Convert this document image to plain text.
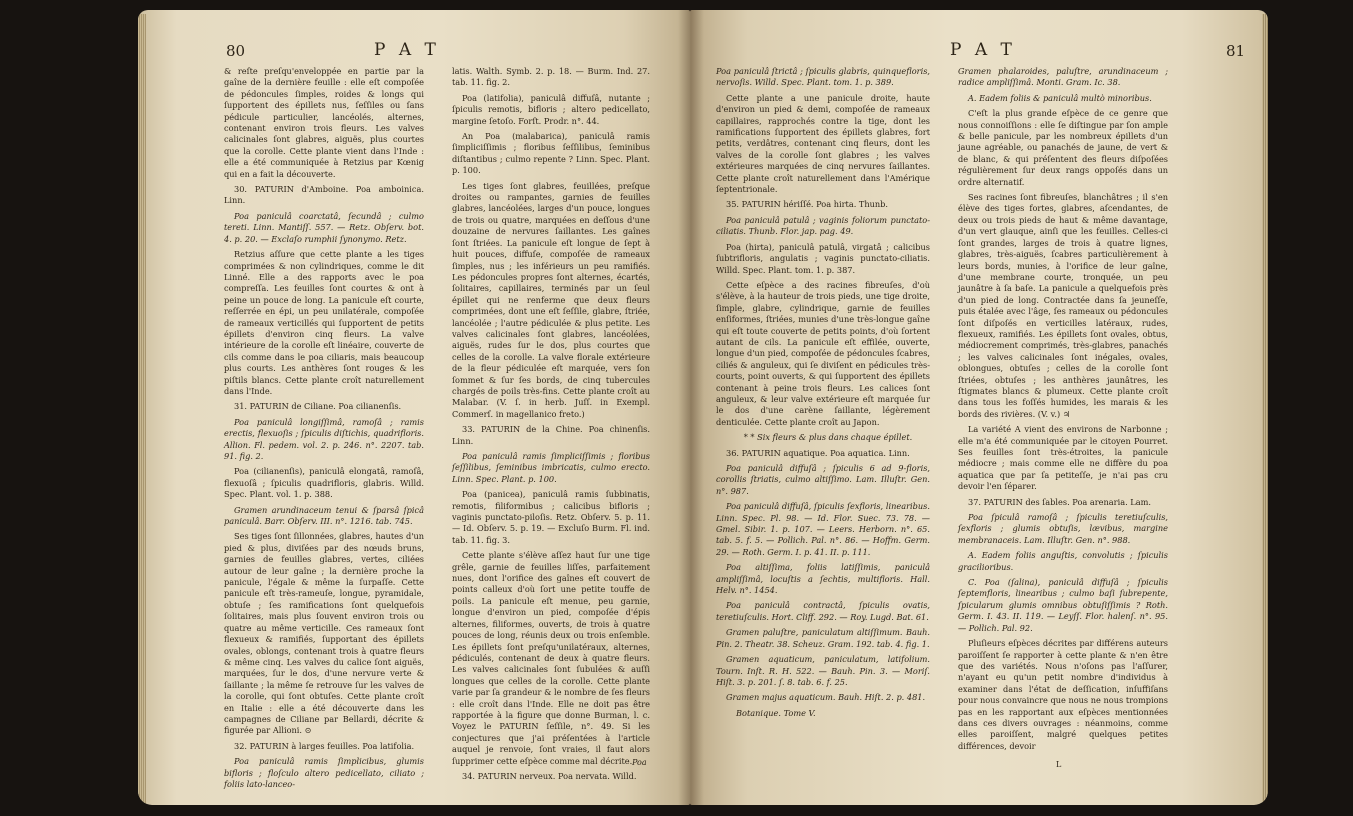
80	P A T

& reſte preſqu'enveloppée en partie par la gaîne de la dernière feuille : elle eſt compoſée de pédoncules ſimples, roides & longs qui ſupportent des épillets nus, ſeſſiles ou ſans pédicule particulier, lancéolés, alternes, contenant environ trois fleurs. Les valves calicinales ſont glabres, aiguës, plus courtes que la corolle. Cette plante vient dans l'Inde : elle a été communiquée à Retzius par Kœnig qui en a fait la découverte.

30. PATURIN d'Amboine. Poa amboinica. Linn.

Poa paniculâ coarctatâ, ſecundâ ; culmo tereti. Linn. Mantiſſ. 557. — Retz. Obſerv. bot. 4. p. 20. — Exclaſo rumphii ſynonymo. Retz.

Retzius aſſure que cette plante a les tiges comprimées & non cylindriques, comme le dit Linné. Elle a des rapports avec le poa compreſſa. Les feuilles ſont courtes & ont à peine un pouce de long. La panicule eſt courte, reſſerrée en épi, un peu unilatérale, compoſée de rameaux verticillés qui ſupportent de petits épillets d'environ cinq fleurs. La valve intérieure de la corolle eſt linéaire, couverte de cils comme dans le poa ciliaris, mais beaucoup plus courts. Les anthères ſont rouges & les piſtils blancs. Cette plante croît naturellement dans l'Inde.

31. PATURIN de Ciliane. Poa cilianenſis.

Poa paniculâ longiſſimâ, ramoſâ ; ramis erectis, flexuoſis ; ſpiculis diſtichis, quadrifloris. Allion. Fl. pedem. vol. 2. p. 246. n°. 2207. tab. 91. fig. 2.

Poa (cilianenſis), paniculâ elongatâ, ramoſâ, flexuoſâ ; ſpiculis quadrifloris, glabris. Willd. Spec. Plant. vol. 1. p. 388.

Gramen arundinaceum tenui & ſparsâ ſpicâ paniculâ. Barr. Obſerv. III. n°. 1216. tab. 745.

Ses tiges ſont ſillonnées, glabres, hautes d'un pied & plus, diviſées par des nœuds bruns, garnies de feuilles glabres, vertes, ciliées autour de leur gaîne ; la dernière proche la panicule, l'égale & même la ſurpaſſe. Cette panicule eſt très-rameuſe, longue, pyramidale, obtuſe ; ſes ramifications ſont quelquefois ſolitaires, mais plus ſouvent environ trois ou quatre au même verticille. Ces rameaux ſont flexueux & ramifiés, ſupportant des épillets ovales, oblongs, contenant trois à quatre fleurs & même cinq. Les valves du calice ſont aiguës, marquées, ſur le dos, d'une nervure verte & ſaillante ; la même ſe retrouve ſur les valves de la corolle, qui ſont obtuſes. Cette plante croît en Italie : elle a été découverte dans les campagnes de Ciliane par Bellardi, décrite & figurée par Allioni. ⊙

32. PATURIN à larges feuilles. Poa latifolia.

Poa paniculâ ramis ſimplicibus, glumis bifloris ; floſculo altero pedicellato, ciliato ; foliis lato-lanceo-

latis. Walth. Symb. 2. p. 18. — Burm. Ind. 27. tab. 11. fig. 2.

Poa (latifolia), paniculâ diffuſâ, nutante ; ſpiculis remotis, bifloris ; altero pedicellato, margine ſetoſo. Forſt. Prodr. n°. 44.

An Poa (malabarica), paniculâ ramis ſimpliciſſimis ; floribus ſeſſilibus, ſeminibus diſtantibus ; culmo repente ? Linn. Spec. Plant. p. 100.

Les tiges ſont glabres, feuillées, preſque droites ou rampantes, garnies de feuilles glabres, lancéolées, larges d'un pouce, longues de trois ou quatre, marquées en deſſous d'une douzaine de nervures ſaillantes. Les gaînes ſont ſtriées. La panicule eſt longue de ſept à huit pouces, diffuſe, compoſée de rameaux ſimples, nus ; les inférieurs un peu ramifiés. Les pédoncules propres ſont alternes, écartés, ſolitaires, capillaires, terminés par un ſeul épillet qui ne renferme que deux fleurs comprimées, dont une eſt ſeſſile, glabre, ſtriée, lancéolée ; l'autre pédiculée & plus petite. Les valves calicinales ſont glabres, lancéolées, aiguës, rudes ſur le dos, plus courtes que celles de la corolle. La valve florale extérieure de la fleur pédiculée eſt marquée, vers ſon ſommet & ſur ſes bords, de cinq tubercules chargés de poils très-fins. Cette plante croît au Malabar. (V. ſ. in herb. Juſſ. in Exempl. Commerſ. in magellanico freto.)

33. PATURIN de la Chine. Poa chinenſis. Linn.

Poa paniculâ ramis ſimpliciſſimis ; floribus ſeſſilibus, ſeminibus imbricatis, culmo erecto. Linn. Spec. Plant. p. 100.

Poa (panicea), paniculâ ramis ſubbinatis, remotis, filiformibus ; calicibus bifloris ; vaginis punctato-piloſis. Retz. Obſerv. 5. p. 11. — Id. Obſerv. 5. p. 19. — Excluſo Burm. Fl. ind. tab. 11. fig. 3.

Cette plante s'élève aſſez haut ſur une tige grêle, garnie de feuilles liſſes, parfaitement nues, dont l'orifice des gaînes eſt couvert de points calleux d'où ſort une petite touffe de poils. La panicule eſt menue, peu garnie, longue d'environ un pied, compoſée d'épis alternes, filiformes, ouverts, de trois à quatre pouces de long, réunis deux ou trois enſemble. Les épillets ſont preſqu'unilatéraux, alternes, pédiculés, contenant de deux à quatre fleurs. Les valves calicinales ſont ſubulées & auſſi longues que celles de la corolle. Cette plante varie par ſa grandeur & le nombre de ſes fleurs : elle croît dans l'Inde. Elle ne doit pas être rapportée à la figure que donne Burman, l. c. Voyez le PATURIN ſeſſile, n°. 49. Si les conjectures que j'ai préſentées à l'article auquel je renvoie, ſont vraies, il faut alors ſupprimer cette eſpèce comme mal décrite.

34. PATURIN nerveux. Poa nervata. Willd.

Poa
P A T	81

Poa paniculâ ſtrictâ ; ſpiculis glabris, quinquefloris, nervoſis. Willd. Spec. Plant. tom. 1. p. 389.

Cette plante a une panicule droite, haute d'environ un pied & demi, compoſée de rameaux capillaires, rapprochés contre la tige, dont les ramifications ſupportent des épillets glabres, fort petits, verdâtres, contenant cinq fleurs, dont les valves de la corolle ſont glabres ; les valves extérieures marquées de cinq nervures ſaillantes. Cette plante croît naturellement dans l'Amérique ſeptentrionale.

35. PATURIN hériſſé. Poa hirta. Thunb.

Poa paniculâ patulâ ; vaginis foliorum punctato-ciliatis. Thunb. Flor. jap. pag. 49.

Poa (hirta), paniculâ patulâ, virgatâ ; calicibus ſubtrifloris, angulatis ; vaginis punctato-ciliatis. Willd. Spec. Plant. tom. 1. p. 387.

Cette eſpèce a des racines fibreuſes, d'où s'élève, à la hauteur de trois pieds, une tige droite, ſimple, glabre, cylindrique, garnie de feuilles enſiformes, ſtriées, munies d'une très-longue gaîne qui eſt toute couverte de petits points, d'où ſortent autant de cils. La panicule eſt effilée, ouverte, longue d'un pied, compoſée de pédoncules ſcabres, ciliés & anguleux, qui ſe diviſent en pédicules très-courts, point ouverts, & qui ſupportent des épillets contenant à peine trois fleurs. Les calices ſont anguleux, & leur valve extérieure eſt marquée ſur le dos d'une carène ſaillante, légèrement denticulée. Cette plante croît au Japon.

* * Six fleurs & plus dans chaque épillet.

36. PATURIN aquatique. Poa aquatica. Linn.

Poa paniculâ diffuſâ ; ſpiculis 6 ad 9-floris, corollis ſtriatis, culmo altiſſimo. Lam. Illuſtr. Gen. n°. 987.

Poa paniculâ diffuſâ, ſpiculis ſexfloris, linearibus. Linn. Spec. Pl. 98. — Id. Flor. Suec. 73. 78. — Gmel. Sibir. 1. p. 107. — Leers. Herborn. n°. 65. tab. 5. f. 5. — Pollich. Pal. n°. 86. — Hoffm. Germ. 29. — Roth. Germ. I. p. 41. II. p. 111.

Poa altiſſima, foliis latiſſimis, paniculâ ampliſſimâ, locuſtis a ſechtis, multifloris. Hall. Helv. n°. 1454.

Poa paniculâ contractâ, ſpiculis ovatis, teretiuſculis. Hort. Cliff. 292. — Roy. Lugd. Bat. 61.

Gramen paluſtre, paniculatum altiſſimum. Bauh. Pin. 2. Theatr. 38. Scheuz. Gram. 192. tab. 4. fig. 1.

Gramen aquaticum, paniculatum, latifolium. Tourn. Inſt. R. H. 522. — Bauh. Pin. 3. — Moriſ. Hiſt. 3. p. 201. ſ. 8. tab. 6. f. 25.

Gramen majus aquaticum. Bauh. Hiſt. 2. p. 481.

Botanique. Tome V.

Gramen phalaroides, paluſtre, arundinaceum ; radice ampliſſimâ. Monti. Gram. Ic. 38.

A. Eadem foliis & paniculâ multò minoribus.

C'eſt la plus grande eſpèce de ce genre que nous connoiſſions : elle ſe diſtingue par ſon ample & belle panicule, par les nombreux épillets d'un jaune agréable, ou panachés de jaune, de vert & de blanc, & qui préſentent des fleurs diſpoſées régulièrement ſur deux rangs oppoſés dans un ordre alternatif.

Ses racines ſont fibreuſes, blanchâtres ; il s'en élève des tiges fortes, glabres, aſcendantes, de deux ou trois pieds de haut & même davantage, d'un vert glauque, ainſi que les feuilles. Celles-ci ſont grandes, larges de trois à quatre lignes, glabres, très-aiguës, ſcabres particulièrement à leurs bords, munies, à l'orifice de leur gaîne, d'une membrane courte, tronquée, un peu jaunâtre à ſa baſe. La panicule a quelquefois près d'un pied de long. Contractée dans ſa jeuneſſe, puis étalée avec l'âge, ſes rameaux ou pédoncules ſont diſpoſés en verticilles latéraux, rudes, flexueux, ramifiés. Les épillets ſont ovales, obtus, médiocrement comprimés, très-glabres, panachés ; les valves calicinales ſont inégales, ovales, oblongues, obtuſes ; celles de la corolle ſont ſtriées, obtuſes ; les anthères jaunâtres, les ſtigmates blancs & plumeux. Cette plante croît dans tous les foſſés humides, les marais & les bords des rivières. (V. v.) ♃

La variété A vient des environs de Narbonne ; elle m'a été communiquée par le citoyen Pourret. Ses feuilles ſont très-étroites, la panicule médiocre ; mais comme elle ne diffère du poa aquatica que par ſa petiteſſe, je n'ai pas cru devoir l'en ſéparer.

37. PATURIN des ſables. Poa arenaria. Lam.

Poa ſpiculâ ramoſâ ; ſpiculis teretiuſculis, ſexfloris ; glumis obtuſis, lævibus, margine membranaceis. Lam. Illuſtr. Gen. n°. 988.

A. Eadem foliis anguſtis, convolutis ; ſpiculis gracilioribus.

C. Poa (ſalina), paniculâ diffuſâ ; ſpiculis ſeptemfloris, linearibus ; culmo baſi ſubrepente, ſpicularum glumis omnibus obtuſiſſimis ? Roth. Germ. I. 43. II. 119. — Leyſſ. Flor. halenſ. n°. 95. — Pollich. Pal. 92.

Pluſieurs eſpèces décrites par différens auteurs paroiſſent ſe rapporter à cette plante & n'en être que des variétés. Nous n'oſons pas l'aſſurer, n'ayant eu qu'un petit nombre d'individus à examiner dans l'état de deſſication, inſuffiſans pour nous convaincre que nous ne nous trompions pas en les rapportant aux eſpèces mentionnées dans ces divers ouvrages : néanmoins, comme elles paroiſſent, malgré quelques petites différences, devoir

L
